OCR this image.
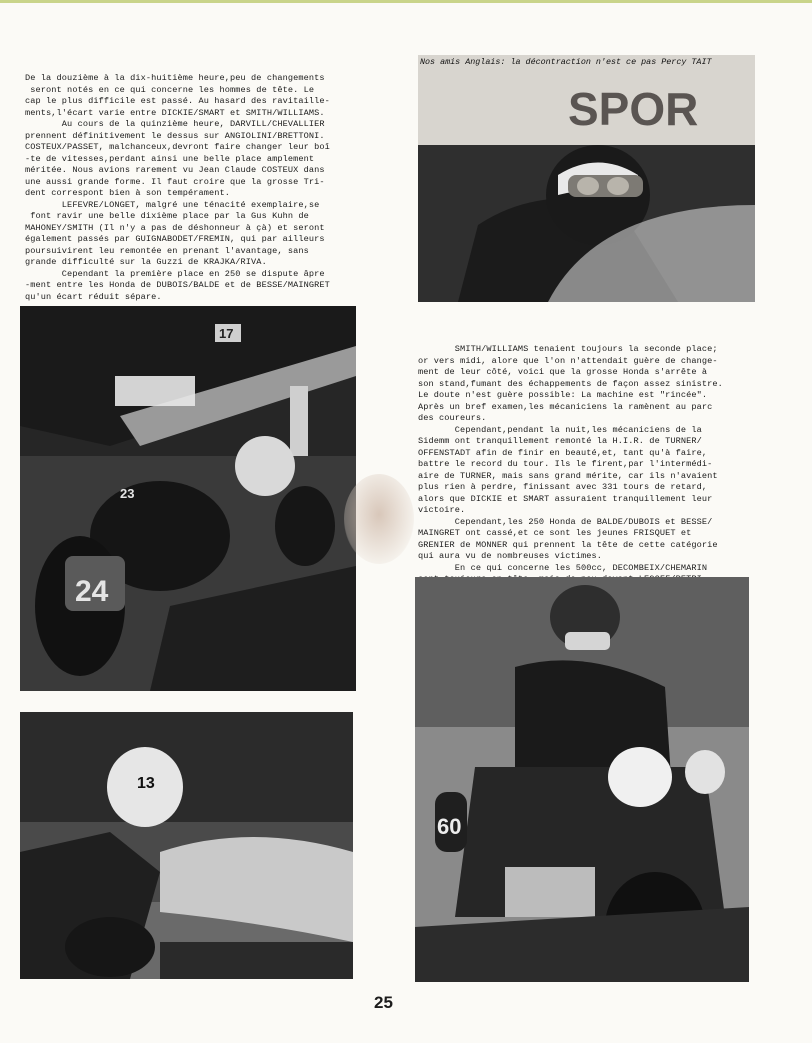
De la douzième à la dix-huitième heure,peu de changements
seront notés en ce qui concerne les hommes de tête. Le
cap le plus difficile est passé. Au hasard des ravitaille-
ments,l'écart varie entre DICKIE/SMART et SMITH/WILLIAMS.
Au cours de la quinzième heure, DARVILL/CHEVALLIER
prennent définitivement le dessus sur ANGIOLINI/BRETTONI.
COSTEUX/PASSET, malchanceux,devront faire changer leur boî
-te de vitesses,perdant ainsi une belle place amplement
méritée. Nous avions rarement vu Jean Claude COSTEUX dans
une aussi grande forme. Il faut croire que la grosse Tri-
dent correspont bien à son tempérament.
LEFEVRE/LONGET, malgré une ténacité exemplaire,se
font ravir une belle dixième place par la Gus Kuhn de
MAHONEY/SMITH (Il n'y a pas de déshonneur à çà) et seront
également passés par GUIGNABODET/FREMIN, qui par ailleurs
poursuivirent leu remontée en prenant l'avantage, sans
grande difficulté sur la Guzzi de KRAJKA/RIVA.
Cependant la première place en 250 se dispute âpre
-ment entre les Honda de DUBOIS/BALDE et de BESSE/MAINGRET
qu'un écart réduit sépare.

SPOR
Nos amis Anglais: la décontraction n'est ce pas Percy TAIT

SMITH/WILLIAMS tenaient toujours la seconde place;
or vers midi, alore que l'on n'attendait guère de change-
ment de leur côté, voici que la grosse Honda s'arrête à
son stand,fumant des échappements de façon assez sinistre.
Le doute n'est guère possible: La machine est "rincée".
Après un bref examen,les mécaniciens la ramènent au parc
des coureurs.
Cependant,pendant la nuit,les mécaniciens de la
Sidemm ont tranquillement remonté la H.I.R. de TURNER/
OFFENSTADT afin de finir en beauté,et, tant qu'à faire,
battre le record du tour. Ils le firent,par l'intermédi-
aire de TURNER, mais sans grand mérite, car ils n'avaient
plus rien à perdre, finissant avec 331 tours de retard,
alors que DICKIE et SMART assuraient tranquillement leur
victoire.
Cependant,les 250 Honda de BALDE/DUBOIS et BESSE/
MAINGRET ont cassé,et ce sont les jeunes FRISQUET et
GRENIER de MONNER qui prennent la tête de cette catégorie
qui aura vu de nombreuses victimes.
En ce qui concerne les 500cc, DECOMBEIX/CHEMARIN

17
24
23
13
60
25
